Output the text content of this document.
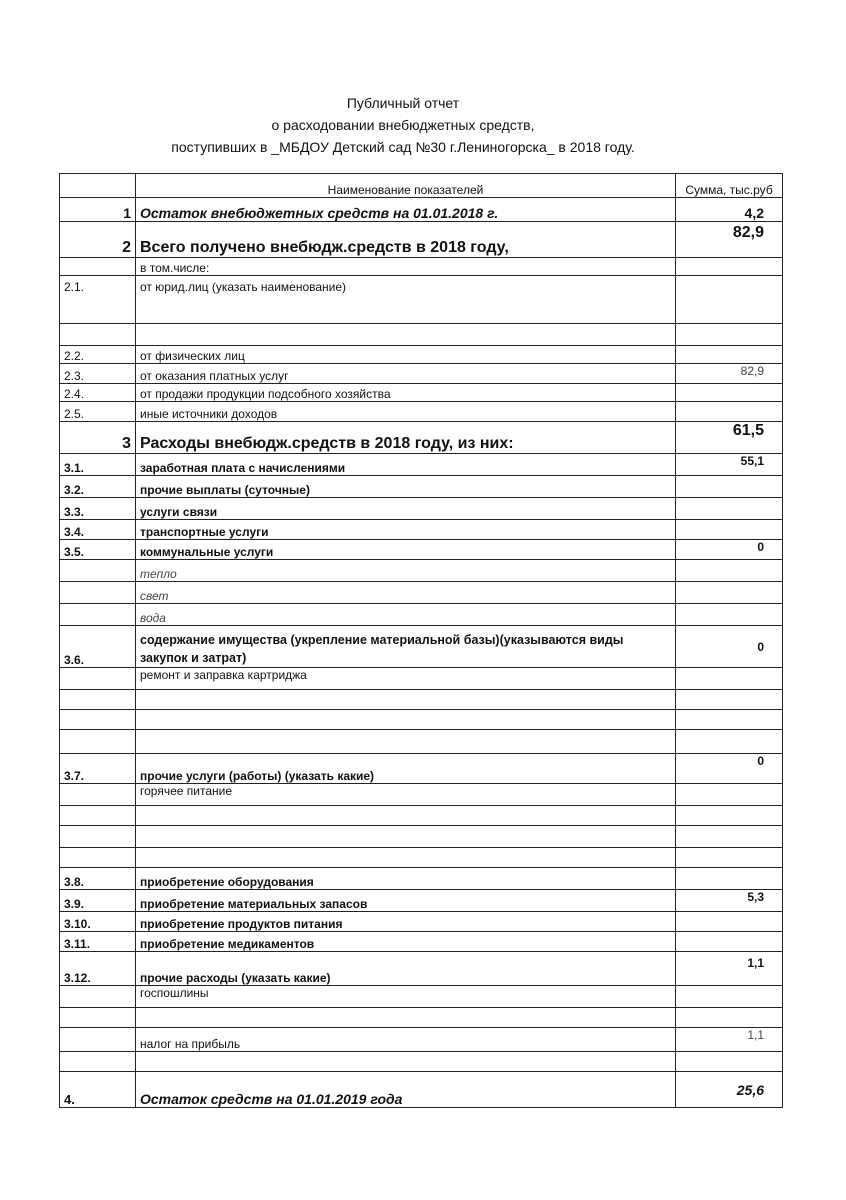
Публичный отчет
о расходовании внебюджетных средств,
поступивших в _МБДОУ Детский сад №30 г.Лениногорска_ в 2018 году.
	Наименование показателей	Сумма, тыс.руб
1	Остаток внебюджетных средств на 01.01.2018 г.	4,2
2	Всего получено внебюдж.средств в 2018 году,	82,9
	в том.числе:	
2.1.	от юрид.лиц (указать наименование)	

2.2.	от физических лиц	
2.3.	от оказания платных услуг	82,9
2.4.	от продажи продукции подсобного хозяйства	
2.5.	иные источники доходов	
3	Расходы внебюдж.средств в 2018 году, из них:	61,5
3.1.	заработная плата с начислениями	55,1
3.2.	прочие выплаты (суточные)	
3.3.	услуги связи	
3.4.	транспортные услуги	
3.5.	коммунальные услуги	0
	тепло	
	свет	
	вода	
3.6.	содержание имущества (укрепление материальной базы)(указываются виды закупок и затрат)	0
	ремонт и заправка картриджа	

3.7.	прочие услуги (работы) (указать какие)	0
	горячее питание	

3.8.	приобретение оборудования	
3.9.	приобретение материальных запасов	5,3
3.10.	приобретение продуктов питания	
3.11.	приобретение медикаментов	
3.12.	прочие расходы (указать какие)	1,1
	госпошлины	

	налог на прибыль	1,1

4.	Остаток средств на 01.01.2019 года	25,6
